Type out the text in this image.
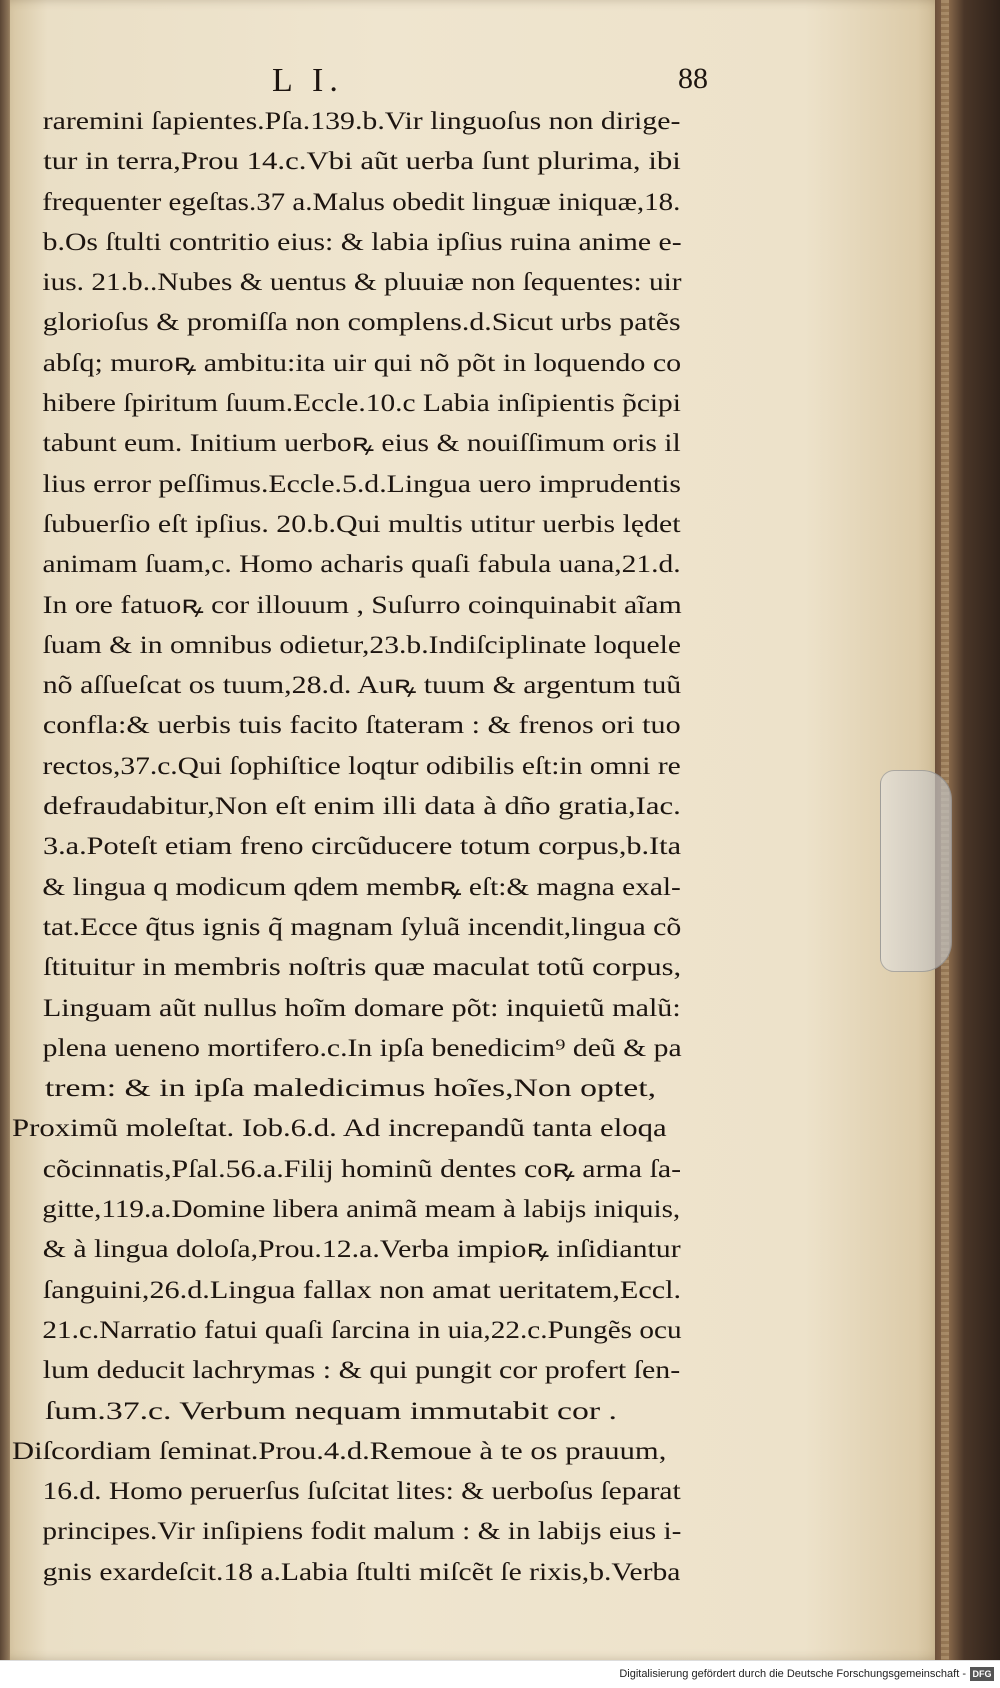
L I.	88
raremini ſapientes.Pſa.139.b.Vir linguoſus non dirige-
tur in terra,Prou 14.c.Vbi aũt uerba ſunt plurima, ibi
frequenter egeſtas.37 a.Malus obedit linguæ iniquæ,18.
b.Os ſtulti contritio eius: & labia ipſius ruina anime e-
ius. 21.b..Nubes & uentus & pluuiæ non ſequentes: uir
glorioſus & promiſſa non complens.d.Sicut urbs patẽs
abſq; muroꝶ ambitu:ita uir qui nõ põt in loquendo co
hibere ſpiritum ſuum.Eccle.10.c Labia inſipientis p̃cipi
tabunt eum. Initium uerboꝶ eius & nouiſſimum oris il
lius error peſſimus.Eccle.5.d.Lingua uero imprudentis
ſubuerſio eſt ipſius. 20.b.Qui multis utitur uerbis lędet
animam ſuam,c. Homo acharis quaſi fabula uana,21.d.
In ore fatuoꝶ cor illouum , Suſurro coinquinabit aĩam
ſuam & in omnibus odietur,23.b.Indiſciplinate loquele
nõ aſſueſcat os tuum,28.d. Auꝶ tuum & argentum tuũ
confla:& uerbis tuis facito ſtateram : & frenos ori tuo
rectos,37.c.Qui ſophiſtice loqtur odibilis eſt:in omni re
defraudabitur,Non eſt enim illi data à dño gratia,Iac.
3.a.Poteſt etiam freno circũducere totum corpus,b.Ita
& lingua q modicum qdem membꝶ eſt:& magna exal-
tat.Ecce q̃tus ignis q̃ magnam ſyluã incendit,lingua cõ
ſtituitur in membris noſtris quæ maculat totũ corpus,
Linguam aũt nullus hoĩm domare põt: inquietũ malũ:
plena ueneno mortifero.c.In ipſa benedicim⁹ deũ & pa
trem: & in ipſa maledicimus hoĩes,Non optet,
Proximũ moleſtat. Iob.6.d. Ad increpandũ tanta eloqa
cõcinnatis,Pſal.56.a.Filij hominũ dentes coꝶ arma ſa-
gitte,119.a.Domine libera animã meam à labijs iniquis,
& à lingua doloſa,Prou.12.a.Verba impioꝶ inſidiantur
ſanguini,26.d.Lingua fallax non amat ueritatem,Eccl.
21.c.Narratio fatui quaſi ſarcina in uia,22.c.Pungẽs ocu
lum deducit lachrymas : & qui pungit cor profert ſen-
ſum.37.c. Verbum nequam immutabit cor .
Diſcordiam ſeminat.Prou.4.d.Remoue à te os prauum,
16.d. Homo peruerſus ſuſcitat lites: & uerboſus ſeparat
principes.Vir inſipiens fodit malum : & in labijs eius i-
gnis exardeſcit.18 a.Labia ſtulti miſcẽt ſe rixis,b.Verba
Digitalisierung gefördert durch die Deutsche Forschungsgemeinschaft - DFG
